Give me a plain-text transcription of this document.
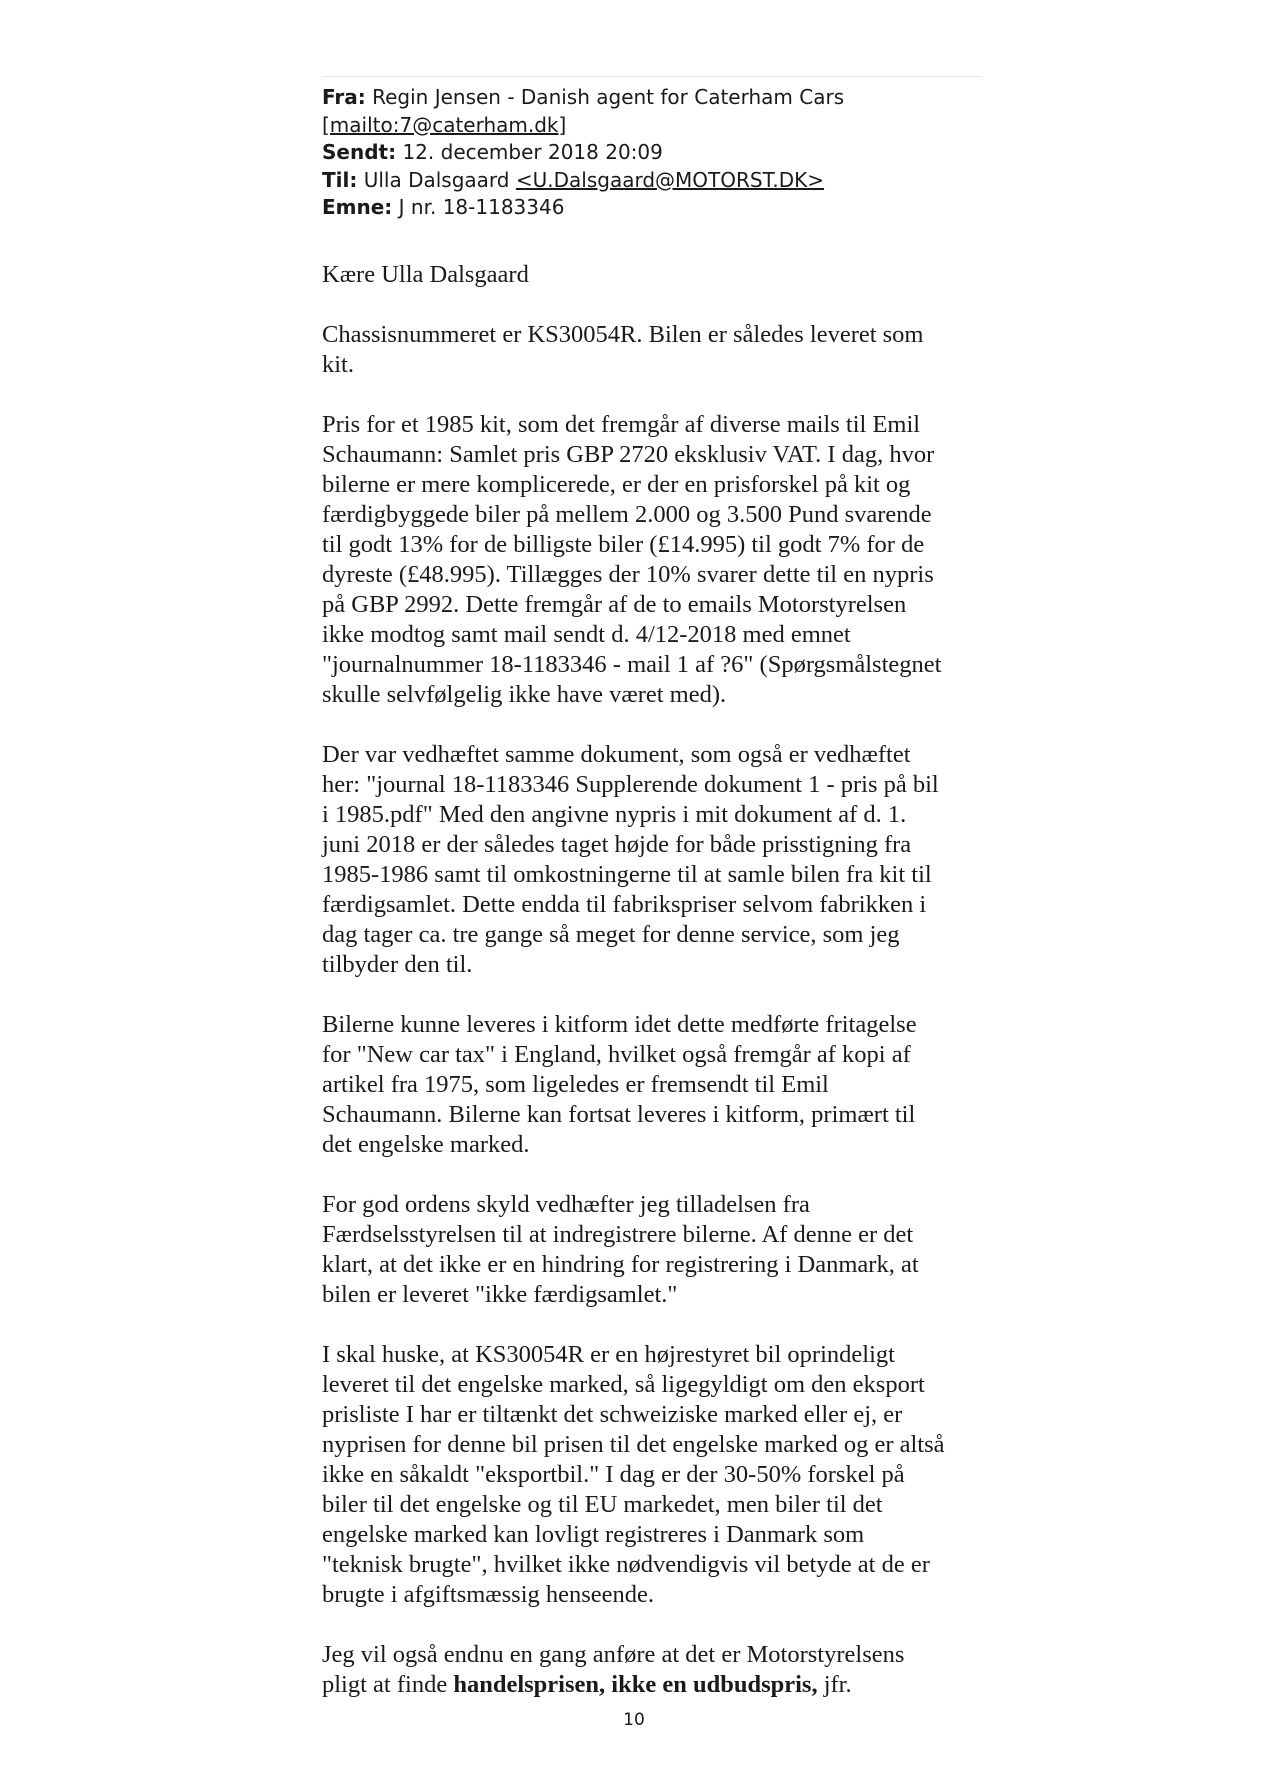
Fra: Regin Jensen - Danish agent for Caterham Cars
[mailto:7@caterham.dk]
Sendt: 12. december 2018 20:09
Til: Ulla Dalsgaard <U.Dalsgaard@MOTORST.DK>
Emne: J nr. 18-1183346

Kære Ulla Dalsgaard

Chassisnummeret er KS30054R. Bilen er således leveret som
kit.

Pris for et 1985 kit, som det fremgår af diverse mails til Emil
Schaumann: Samlet pris GBP 2720 eksklusiv VAT. I dag, hvor
bilerne er mere komplicerede, er der en prisforskel på kit og
færdigbyggede biler på mellem 2.000 og 3.500 Pund svarende
til godt 13% for de billigste biler (£14.995) til godt 7% for de
dyreste (£48.995). Tillægges der 10% svarer dette til en nypris
på GBP 2992. Dette fremgår af de to emails Motorstyrelsen
ikke modtog samt mail sendt d. 4/12-2018 med emnet
"journalnummer 18-1183346 - mail 1 af ?6" (Spørgsmålstegnet
skulle selvfølgelig ikke have været med).

Der var vedhæftet samme dokument, som også er vedhæftet
her: "journal 18-1183346 Supplerende dokument 1 - pris på bil
i 1985.pdf" Med den angivne nypris i mit dokument af d. 1.
juni 2018 er der således taget højde for både prisstigning fra
1985-1986 samt til omkostningerne til at samle bilen fra kit til
færdigsamlet. Dette endda til fabrikspriser selvom fabrikken i
dag tager ca. tre gange så meget for denne service, som jeg
tilbyder den til.

Bilerne kunne leveres i kitform idet dette medførte fritagelse
for "New car tax" i England, hvilket også fremgår af kopi af
artikel fra 1975, som ligeledes er fremsendt til Emil
Schaumann. Bilerne kan fortsat leveres i kitform, primært til
det engelske marked.

For god ordens skyld vedhæfter jeg tilladelsen fra
Færdselsstyrelsen til at indregistrere bilerne. Af denne er det
klart, at det ikke er en hindring for registrering i Danmark, at
bilen er leveret "ikke færdigsamlet."

I skal huske, at KS30054R er en højrestyret bil oprindeligt
leveret til det engelske marked, så ligegyldigt om den eksport
prisliste I har er tiltænkt det schweiziske marked eller ej, er
nyprisen for denne bil prisen til det engelske marked og er altså
ikke en såkaldt "eksportbil." I dag er der 30-50% forskel på
biler til det engelske og til EU markedet, men biler til det
engelske marked kan lovligt registreres i Danmark som
"teknisk brugte", hvilket ikke nødvendigvis vil betyde at de er
brugte i afgiftsmæssig henseende.

Jeg vil også endnu en gang anføre at det er Motorstyrelsens
pligt at finde handelsprisen, ikke en udbudspris, jfr.

10
